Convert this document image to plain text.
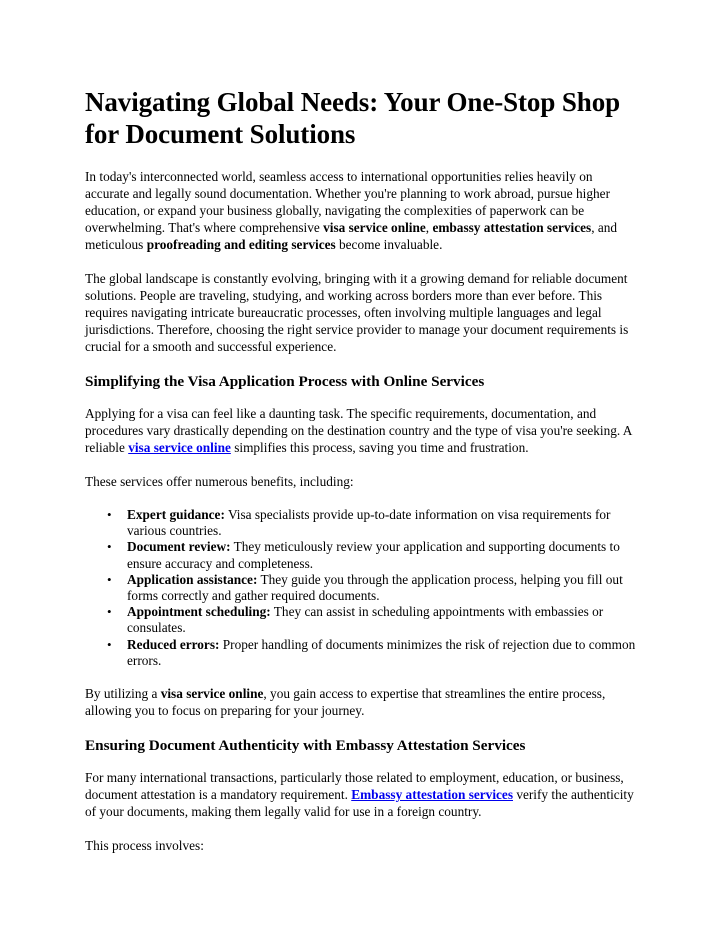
Navigating Global Needs: Your One-Stop Shop for Document Solutions

In today's interconnected world, seamless access to international opportunities relies heavily on accurate and legally sound documentation. Whether you're planning to work abroad, pursue higher education, or expand your business globally, navigating the complexities of paperwork can be overwhelming. That's where comprehensive visa service online, embassy attestation services, and meticulous proofreading and editing services become invaluable.

The global landscape is constantly evolving, bringing with it a growing demand for reliable document solutions. People are traveling, studying, and working across borders more than ever before. This requires navigating intricate bureaucratic processes, often involving multiple languages and legal jurisdictions. Therefore, choosing the right service provider to manage your document requirements is crucial for a smooth and successful experience.

Simplifying the Visa Application Process with Online Services

Applying for a visa can feel like a daunting task. The specific requirements, documentation, and procedures vary drastically depending on the destination country and the type of visa you're seeking. A reliable visa service online simplifies this process, saving you time and frustration.

These services offer numerous benefits, including:

• Expert guidance: Visa specialists provide up-to-date information on visa requirements for various countries.
• Document review: They meticulously review your application and supporting documents to ensure accuracy and completeness.
• Application assistance: They guide you through the application process, helping you fill out forms correctly and gather required documents.
• Appointment scheduling: They can assist in scheduling appointments with embassies or consulates.
• Reduced errors: Proper handling of documents minimizes the risk of rejection due to common errors.

By utilizing a visa service online, you gain access to expertise that streamlines the entire process, allowing you to focus on preparing for your journey.

Ensuring Document Authenticity with Embassy Attestation Services

For many international transactions, particularly those related to employment, education, or business, document attestation is a mandatory requirement. Embassy attestation services verify the authenticity of your documents, making them legally valid for use in a foreign country.

This process involves:
